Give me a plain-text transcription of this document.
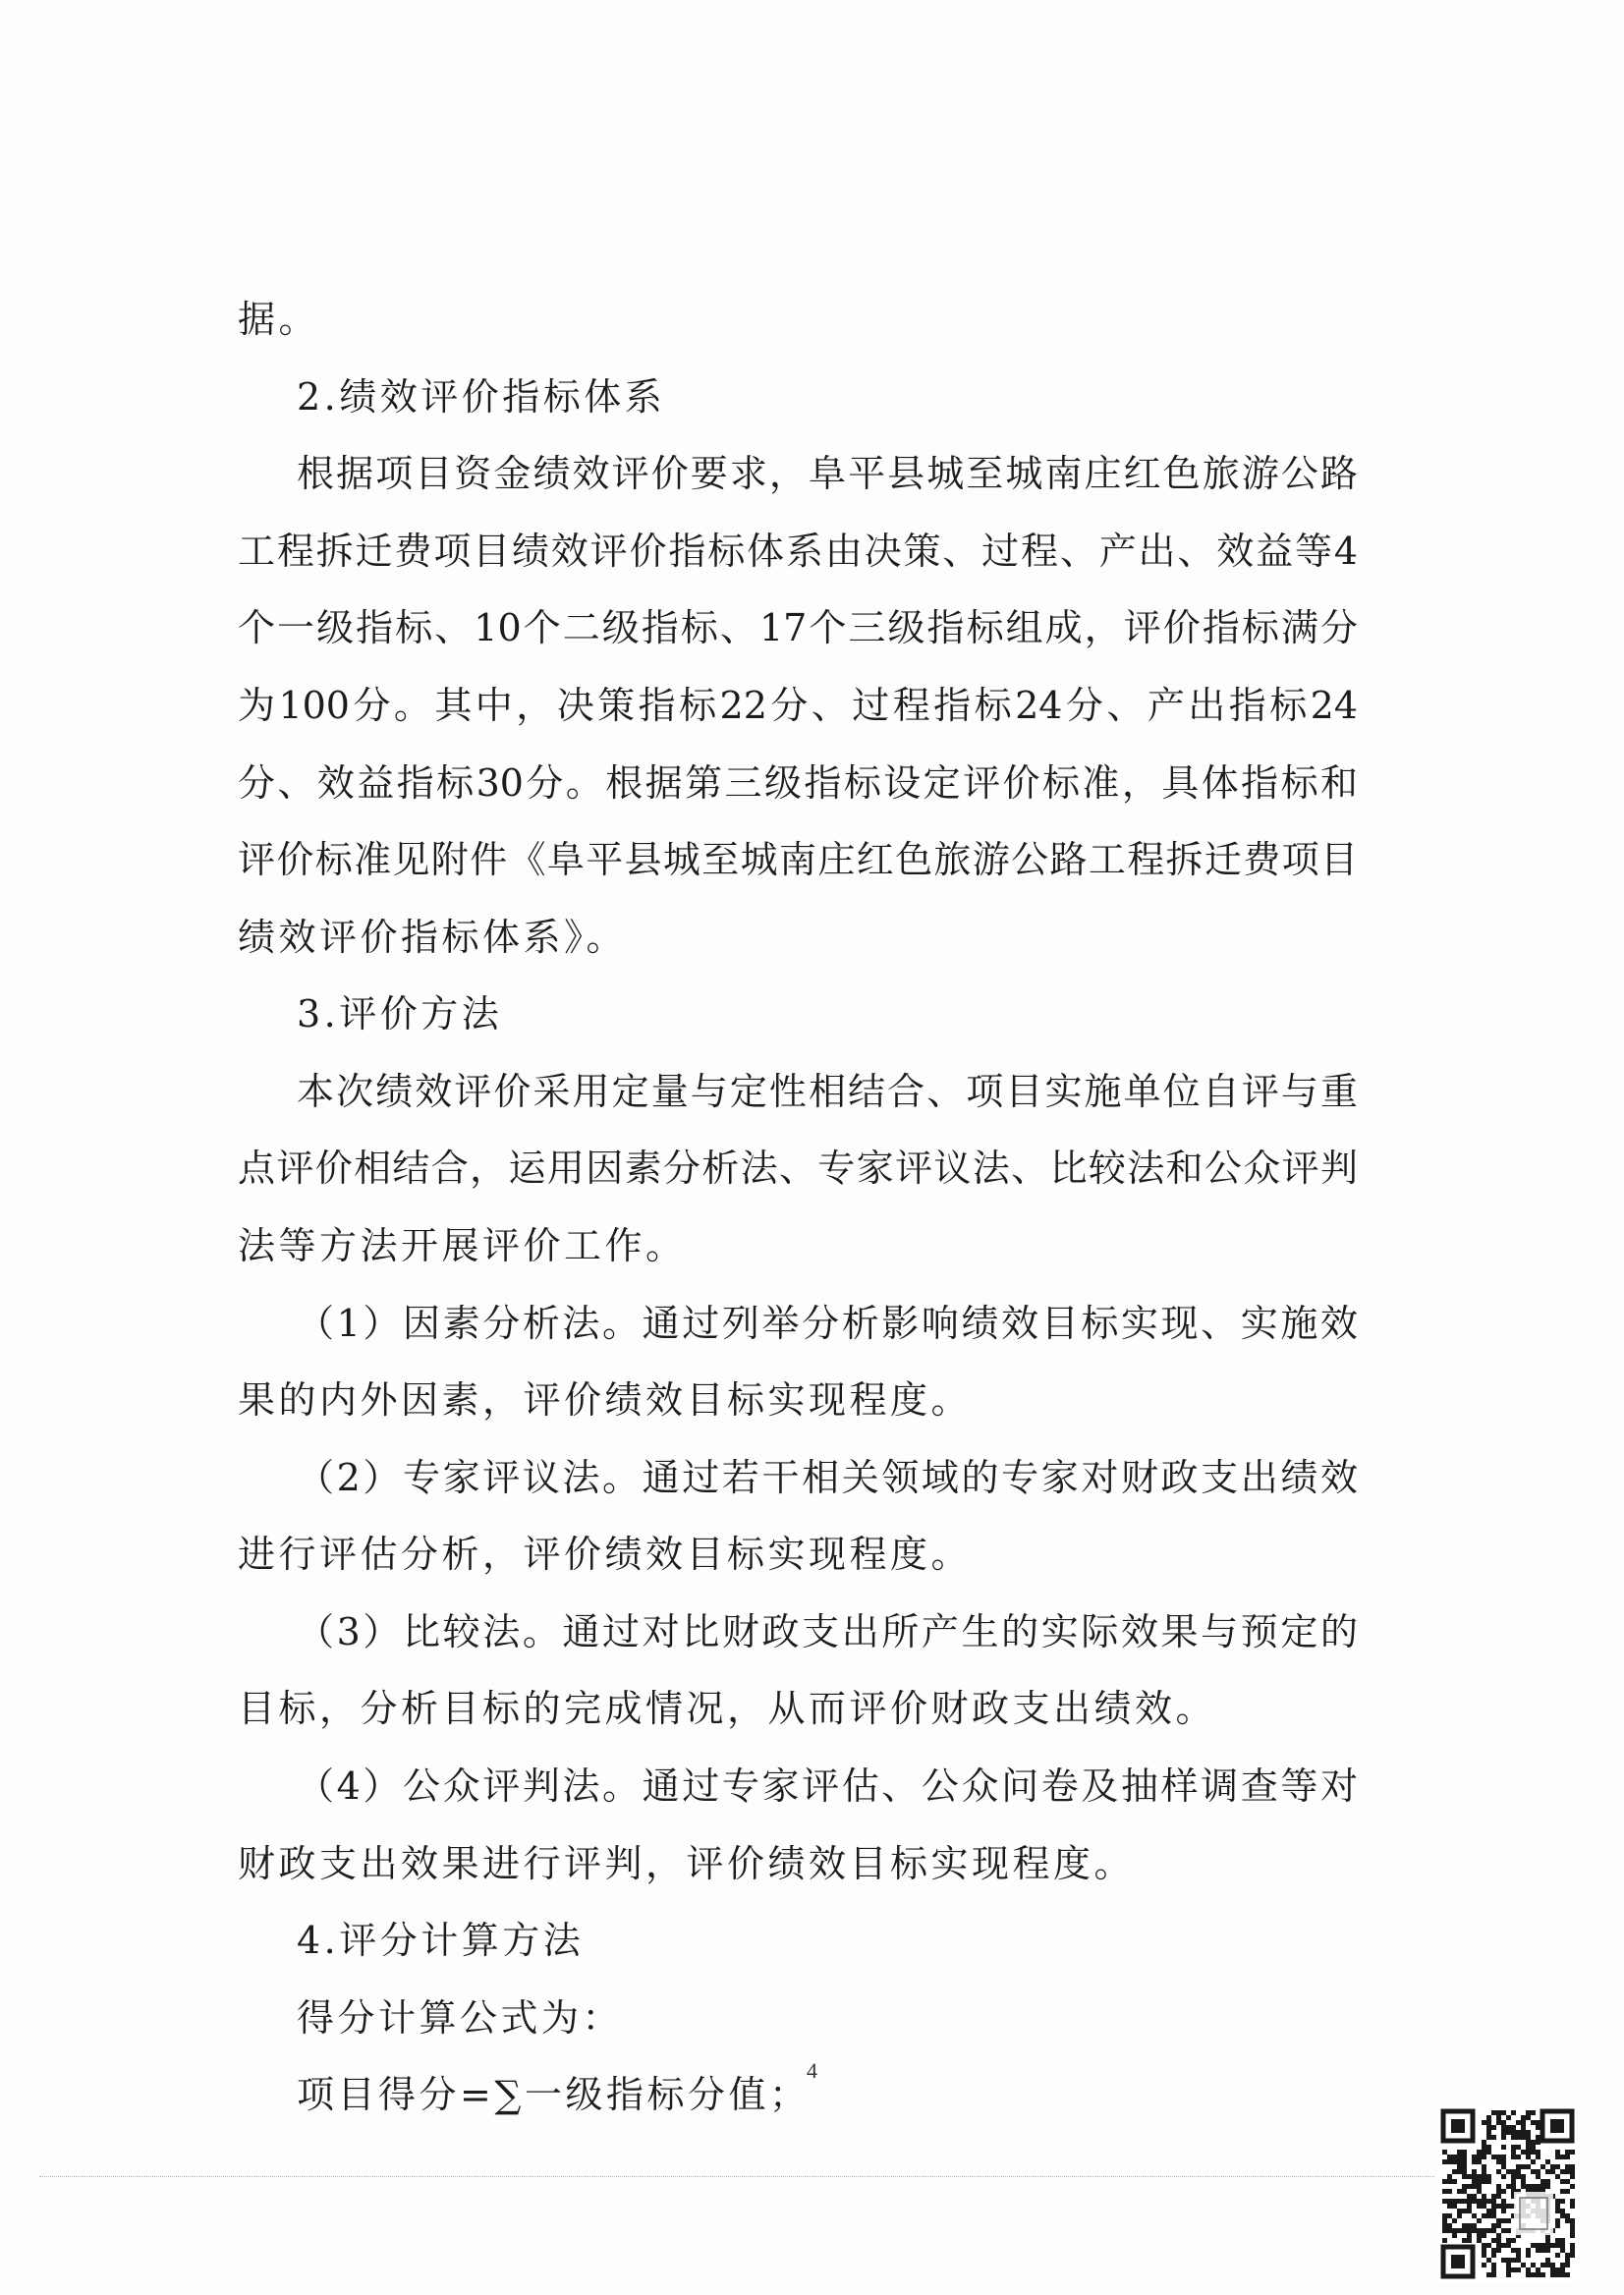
据。
2.绩效评价指标体系
根据项目资金绩效评价要求，阜平县城至城南庄红色旅游公路
工程拆迁费项目绩效评价指标体系由决策、过程、产出、效益等4
个一级指标、10个二级指标、17个三级指标组成，评价指标满分
为100分。其中，决策指标22分、过程指标24分、产出指标24
分、效益指标30分。根据第三级指标设定评价标准，具体指标和
评价标准见附件《阜平县城至城南庄红色旅游公路工程拆迁费项目
绩效评价指标体系》。
3.评价方法
本次绩效评价采用定量与定性相结合、项目实施单位自评与重
点评价相结合，运用因素分析法、专家评议法、比较法和公众评判
法等方法开展评价工作。
（1）因素分析法。通过列举分析影响绩效目标实现、实施效
果的内外因素，评价绩效目标实现程度。
（2）专家评议法。通过若干相关领域的专家对财政支出绩效
进行评估分析，评价绩效目标实现程度。
（3）比较法。通过对比财政支出所产生的实际效果与预定的
目标，分析目标的完成情况，从而评价财政支出绩效。
（4）公众评判法。通过专家评估、公众问卷及抽样调查等对
财政支出效果进行评判，评价绩效目标实现程度。
4.评分计算方法
得分计算公式为：
项目得分=∑一级指标分值；
4
